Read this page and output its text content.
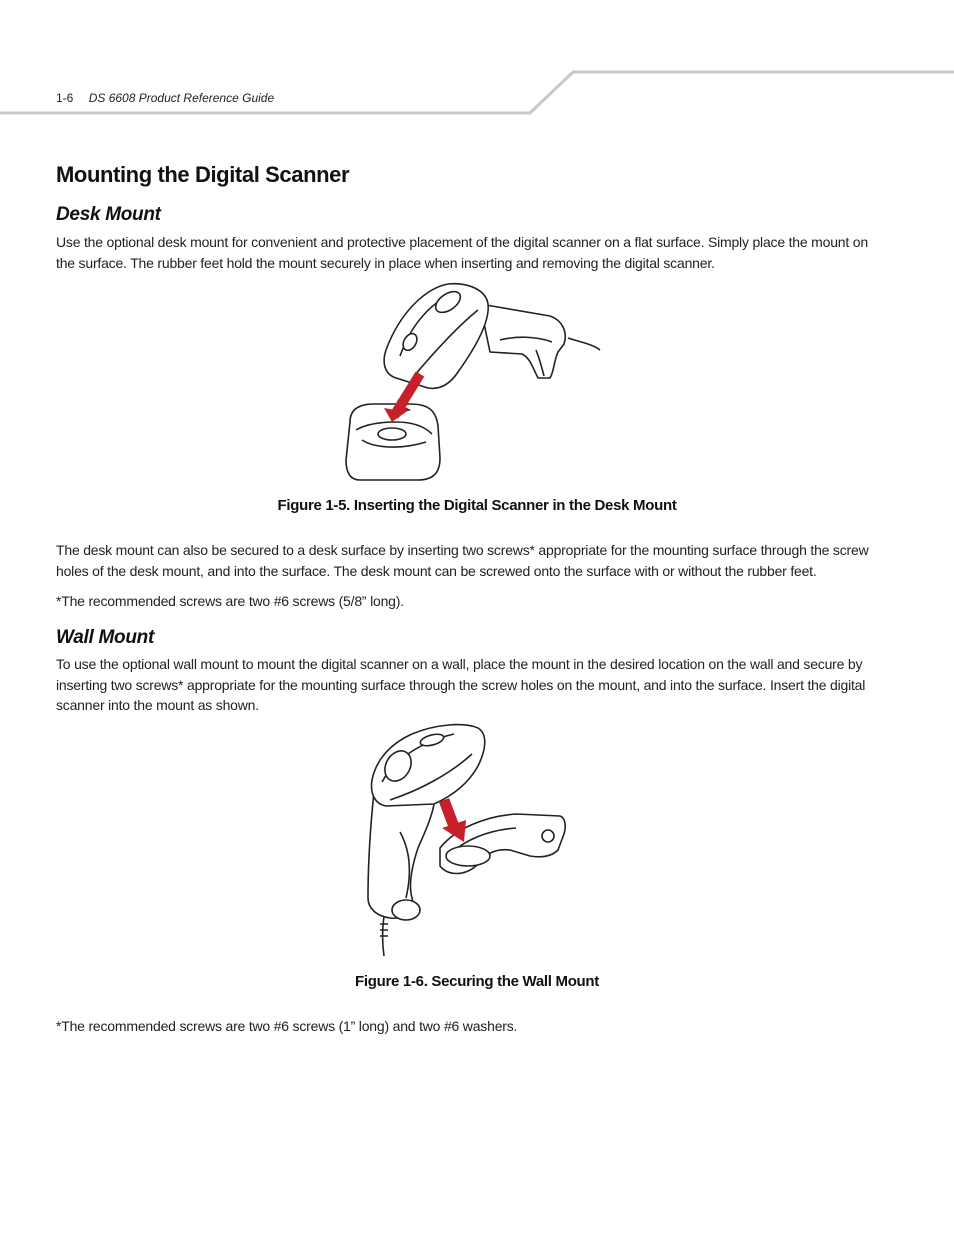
1-6 DS 6608 Product Reference Guide
Mounting the Digital Scanner
Desk Mount

Use the optional desk mount for convenient and protective placement of the digital scanner on a flat surface. Simply place the mount on the surface. The rubber feet hold the mount securely in place when inserting and removing the digital scanner.

Figure 1-5. Inserting the Digital Scanner in the Desk Mount

The desk mount can also be secured to a desk surface by inserting two screws* appropriate for the mounting surface through the screw holes of the desk mount, and into the surface. The desk mount can be screwed onto the surface with or without the rubber feet.

*The recommended screws are two #6 screws (5/8” long).

Wall Mount

To use the optional wall mount to mount the digital scanner on a wall, place the mount in the desired location on the wall and secure by inserting two screws* appropriate for the mounting surface through the screw holes on the mount, and into the surface. Insert the digital scanner into the mount as shown.

Figure 1-6. Securing the Wall Mount

*The recommended screws are two #6 screws (1” long) and two #6 washers.
